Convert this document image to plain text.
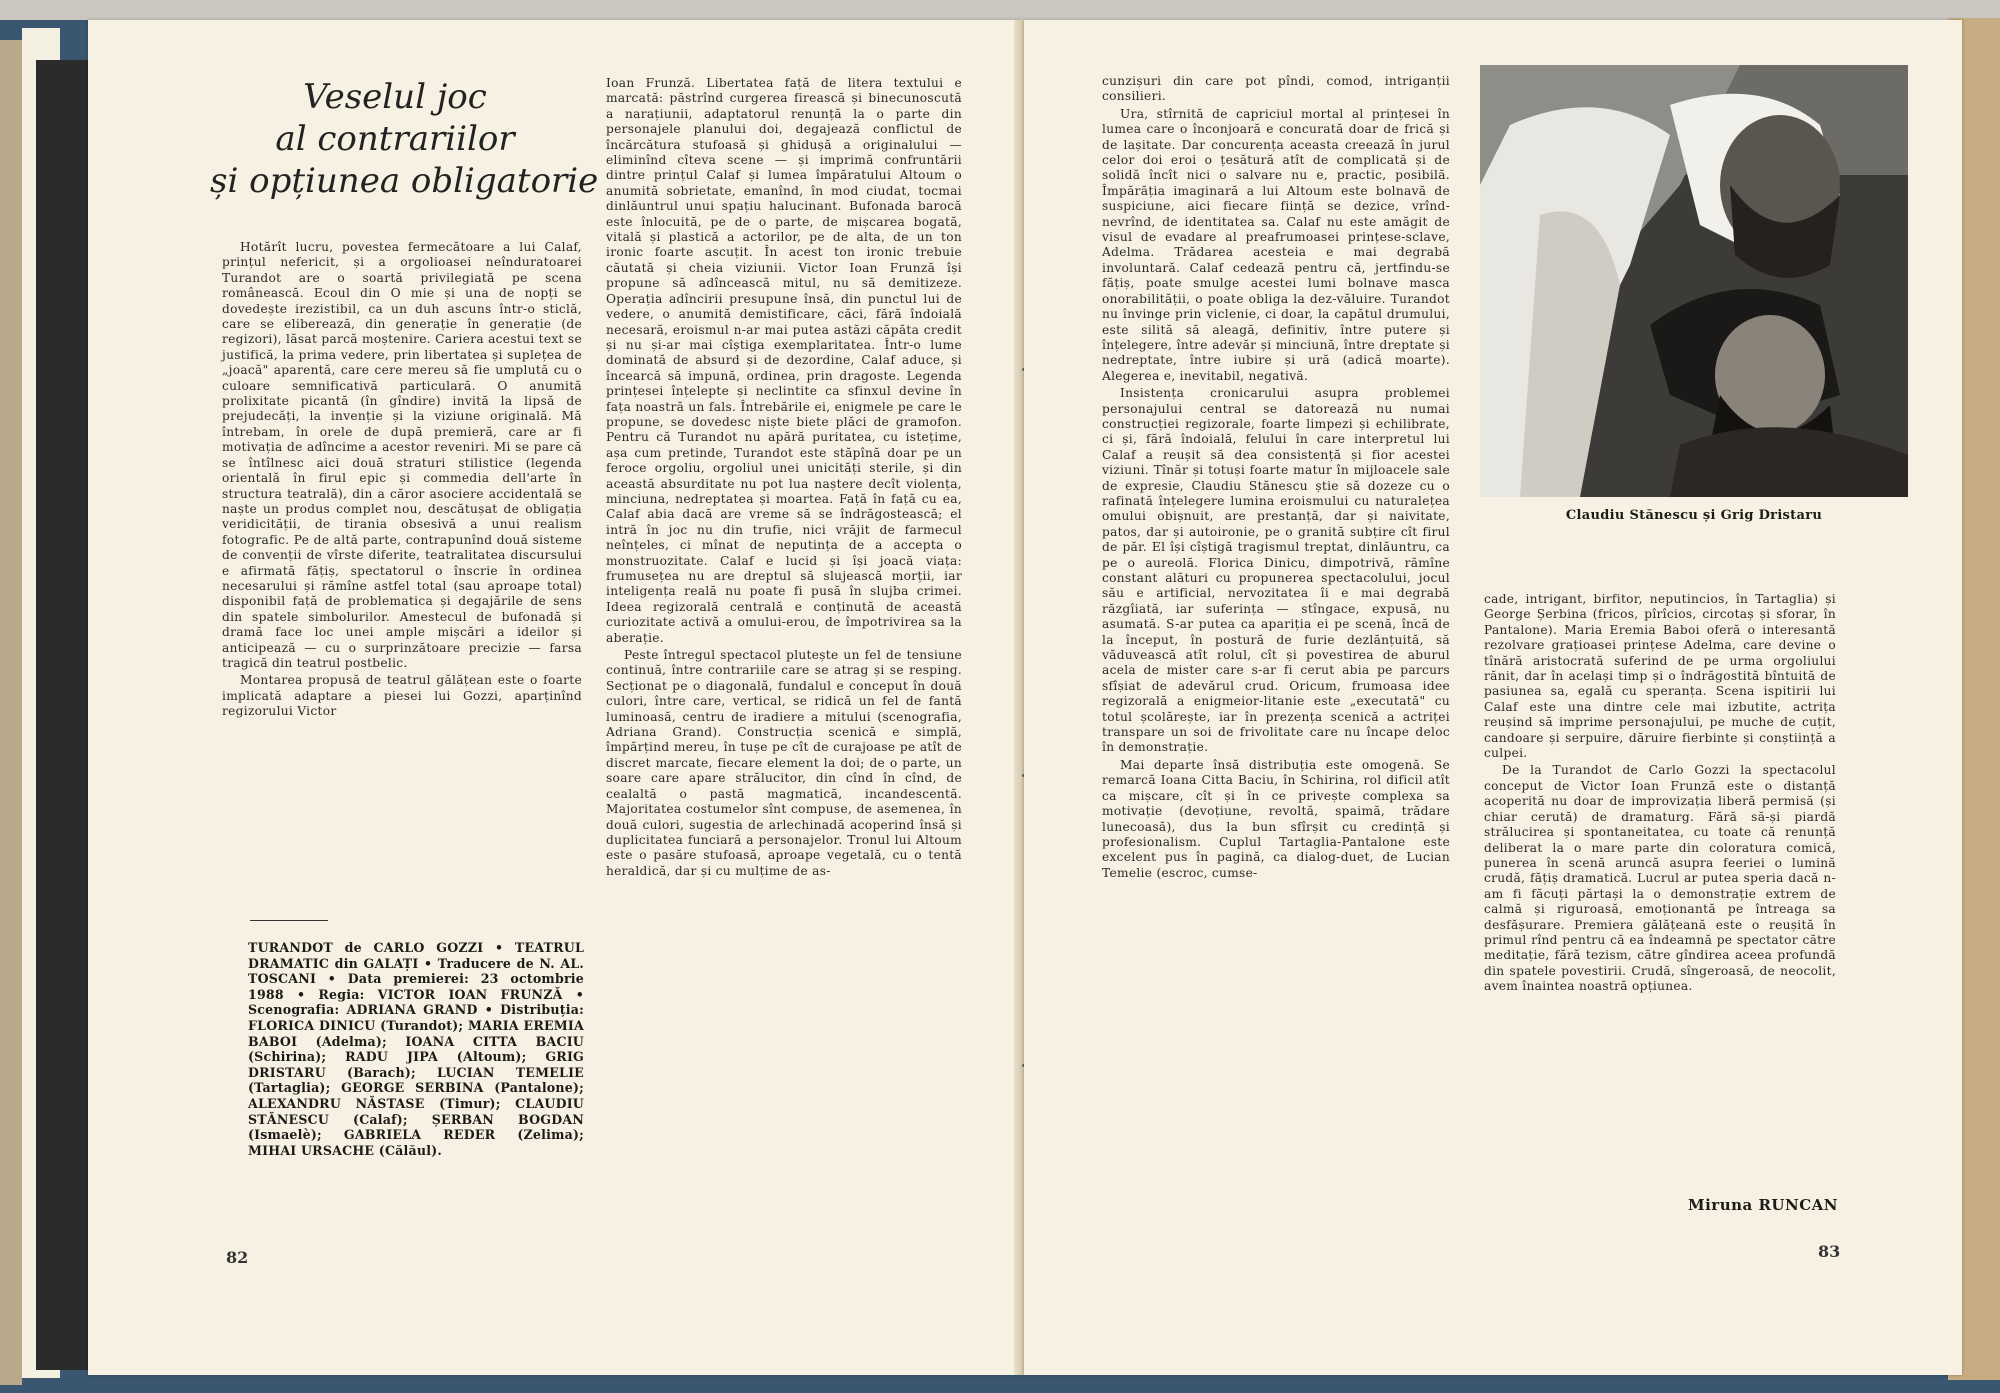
Veselul joc
al contrariilor
și opțiunea obligatorie

Hotărît lucru, povestea fermecătoare a lui Calaf, prințul nefericit, și a orgolioasei neînduratoarei Turandot are o soartă privilegiată pe scena românească. Ecoul din O mie și una de nopți se dovedește irezistibil, ca un duh ascuns într-o sticlă, care se eliberează, din generație în generație (de regizori), lăsat parcă moștenire. Cariera acestui text se justifică, la prima vedere, prin libertatea și suplețea de „joacă" aparentă, care cere mereu să fie umplută cu o culoare semnificativă particulară. O anumită prolixitate picantă (în gîndire) invită la lipsă de prejudecăți, la invenție și la viziune originală. Mă întrebam, în orele de după premieră, care ar fi motivația de adîncime a acestor reveniri. Mi se pare că se întîlnesc aici două straturi stilistice (legenda orientală în firul epic și commedia dell'arte în structura teatrală), din a căror asociere accidentală se naște un produs complet nou, descătușat de obligația veridicității, de tirania obsesivă a unui realism fotografic. Pe de altă parte, contrapunînd două sisteme de convenții de vîrste diferite, teatralitatea discursului e afirmată fățiș, spectatorul o înscrie în ordinea necesarului și rămîne astfel total (sau aproape total) disponibil față de problematica și degajările de sens din spatele simbolurilor. Amestecul de bufonadă și dramă face loc unei ample mișcări a ideilor și anticipează — cu o surprinzătoare precizie — farsa tragică din teatrul postbelic.

Montarea propusă de teatrul gălățean este o foarte implicată adaptare a piesei lui Gozzi, aparținînd regizorului Victor

TURANDOT de CARLO GOZZI • TEATRUL DRAMATIC din GALAȚI • Traducere de N. AL. TOSCANI • Data premierei: 23 octombrie 1988 • Regia: VICTOR IOAN FRUNZĂ • Scenografia: ADRIANA GRAND • Distribuția: FLORICA DINICU (Turandot); MARIA EREMIA BABOI (Adelma); IOANA CITTA BACIU (Schirina); RADU JIPA (Altoum); GRIG DRISTARU (Barach); LUCIAN TEMELIE (Tartaglia); GEORGE SERBINA (Pantalone); ALEXANDRU NĂSTASE (Timur); CLAUDIU STĂNESCU (Calaf); ȘERBAN BOGDAN (Ismaelè); GABRIELA REDER (Zelima); MIHAI URSACHE (Călăul).

Ioan Frunză. Libertatea față de litera textului e marcată: păstrînd curgerea firească și binecunoscută a narațiunii, adaptatorul renunță la o parte din personajele planului doi, degajează conflictul de încărcătura stufoasă și ghidușă a originalului — eliminînd cîteva scene — și imprimă confruntării dintre prințul Calaf și lumea împăratului Altoum o anumită sobrietate, emanînd, în mod ciudat, tocmai dinlăuntrul unui spațiu halucinant. Bufonada barocă este înlocuită, pe de o parte, de mișcarea bogată, vitală și plastică a actorilor, pe de alta, de un ton ironic foarte ascuțit. În acest ton ironic trebuie căutată și cheia viziunii. Victor Ioan Frunză își propune să adîncească mitul, nu să demitizeze. Operația adîncirii presupune însă, din punctul lui de vedere, o anumită demistificare, căci, fără îndoială necesară, eroismul n-ar mai putea astăzi căpăta credit și nu și-ar mai cîștiga exemplaritatea. Într-o lume dominată de absurd și de dezordine, Calaf aduce, și încearcă să impună, ordinea, prin dragoste. Legenda prințesei înțelepte și neclintite ca sfinxul devine în fața noastră un fals. Întrebările ei, enigmele pe care le propune, se dovedesc niște biete plăci de gramofon. Pentru că Turandot nu apără puritatea, cu istețime, așa cum pretinde, Turandot este stăpînă doar pe un feroce orgoliu, orgoliul unei unicități sterile, și din această absurditate nu pot lua naștere decît violența, minciuna, nedreptatea și moartea. Față în față cu ea, Calaf abia dacă are vreme să se îndrăgostească; el intră în joc nu din trufie, nici vrăjit de farmecul neînțeles, ci mînat de neputința de a accepta o monstruozitate. Calaf e lucid și își joacă viața: frumusețea nu are dreptul să slujească morții, iar inteligența reală nu poate fi pusă în slujba crimei. Ideea regizorală centrală e conținută de această curiozitate activă a omului-erou, de împotrivirea sa la aberație.

Peste întregul spectacol plutește un fel de tensiune continuă, între contrariile care se atrag și se resping. Secționat pe o diagonală, fundalul e conceput în două culori, între care, vertical, se ridică un fel de fantă luminoasă, centru de iradiere a mitului (scenografia, Adriana Grand). Construcția scenică e simplă, împărțind mereu, în tușe pe cît de curajoase pe atît de discret marcate, fiecare element la doi; de o parte, un soare care apare strălucitor, din cînd în cînd, de cealaltă o pastă magmatică, incandescentă. Majoritatea costumelor sînt compuse, de asemenea, în două culori, sugestia de arlechinadă acoperind însă și duplicitatea funciară a personajelor. Tronul lui Altoum este o pasăre stufoasă, aproape vegetală, cu o tentă heraldică, dar și cu mulțime de as-

82

cunzișuri din care pot pîndi, comod, intriganții consilieri.

Ura, stîrnită de capriciul mortal al prințesei în lumea care o înconjoară e concurată doar de frică și de lașitate. Dar concurența aceasta creează în jurul celor doi eroi o țesătură atît de complicată și de solidă încît nici o salvare nu e, practic, posibilă. Împărăția imaginară a lui Altoum este bolnavă de suspiciune, aici fiecare ființă se dezice, vrînd-nevrînd, de identitatea sa. Calaf nu este amăgit de visul de evadare al preafrumoasei prințese-sclave, Adelma. Trădarea acesteia e mai degrabă involuntară. Calaf cedează pentru că, jertfindu-se fățiș, poate smulge acestei lumi bolnave masca onorabilității, o poate obliga la dez-văluire. Turandot nu învinge prin viclenie, ci doar, la capătul drumului, este silită să aleagă, definitiv, între putere și înțelegere, între adevăr și minciună, între dreptate și nedreptate, între iubire și ură (adică moarte). Alegerea e, inevitabil, negativă.

Insistența cronicarului asupra problemei personajului central se datorează nu numai construcției regizorale, foarte limpezi și echilibrate, ci și, fără îndoială, felului în care interpretul lui Calaf a reușit să dea consistență și fior acestei viziuni. Tînăr și totuși foarte matur în mijloacele sale de expresie, Claudiu Stănescu știe să dozeze cu o rafinată înțelegere lumina eroismului cu naturalețea omului obișnuit, are prestanță, dar și naivitate, patos, dar și autoironie, pe o granită subțire cît firul de păr. El își cîștigă tragismul treptat, dinlăuntru, ca pe o aureolă. Florica Dinicu, dimpotrivă, rămîne constant alături cu propunerea spectacolului, jocul său e artificial, nervozitatea îi e mai degrabă răzgîiată, iar suferința — stîngace, expusă, nu asumată. S-ar putea ca apariția ei pe scenă, încă de la început, în postură de furie dezlănțuită, să văduvească atît rolul, cît și povestirea de aburul acela de mister care s-ar fi cerut abia pe parcurs sfîșiat de adevărul crud. Oricum, frumoasa idee regizorală a enigmeior-litanie este „executată" cu totul școlărește, iar în prezența scenică a actriței transpare un soi de frivolitate care nu încape deloc în demonstrație.

Mai departe însă distribuția este omogenă. Se remarcă Ioana Citta Baciu, în Schirina, rol dificil atît ca mișcare, cît și în ce privește complexa sa motivație (devoțiune, revoltă, spaimă, trădare lunecoasă), dus la bun sfîrșit cu credință și profesionalism. Cuplul Tartaglia-Pantalone este excelent pus în pagină, ca dialog-duet, de Lucian Temelie (escroc, cumse-

Claudiu Stănescu și Grig Dristaru

cade, intrigant, birfitor, neputincios, în Tartaglia) și George Șerbina (fricos, pîrîcios, circotaș și sforar, în Pantalone). Maria Eremia Baboi oferă o interesantă rezolvare grațioasei prințese Adelma, care devine o tînără aristocrată suferind de pe urma orgoliului rănit, dar în același timp și o îndrăgostită bîntuită de pasiunea sa, egală cu speranța. Scena ispitirii lui Calaf este una dintre cele mai izbutite, actrița reușind să imprime personajului, pe muche de cuțit, candoare și serpuire, dăruire fierbinte și conștiință a culpei.

De la Turandot de Carlo Gozzi la spectacolul conceput de Victor Ioan Frunză este o distanță acoperită nu doar de improvizația liberă permisă (și chiar cerută) de dramaturg. Fără să-și piardă strălucirea și spontaneitatea, cu toate că renunță deliberat la o mare parte din coloratura comică, punerea în scenă aruncă asupra feeriei o lumină crudă, fățiș dramatică. Lucrul ar putea speria dacă n-am fi făcuți părtași la o demonstrație extrem de calmă și riguroasă, emoționantă pe întreaga sa desfășurare. Premiera gălățeană este o reușită în primul rînd pentru că ea îndeamnă pe spectator către meditație, fără tezism, către gîndirea aceea profundă din spatele povestirii. Crudă, sîngeroasă, de neocolit, avem înaintea noastră opțiunea.

Miruna RUNCAN
83
